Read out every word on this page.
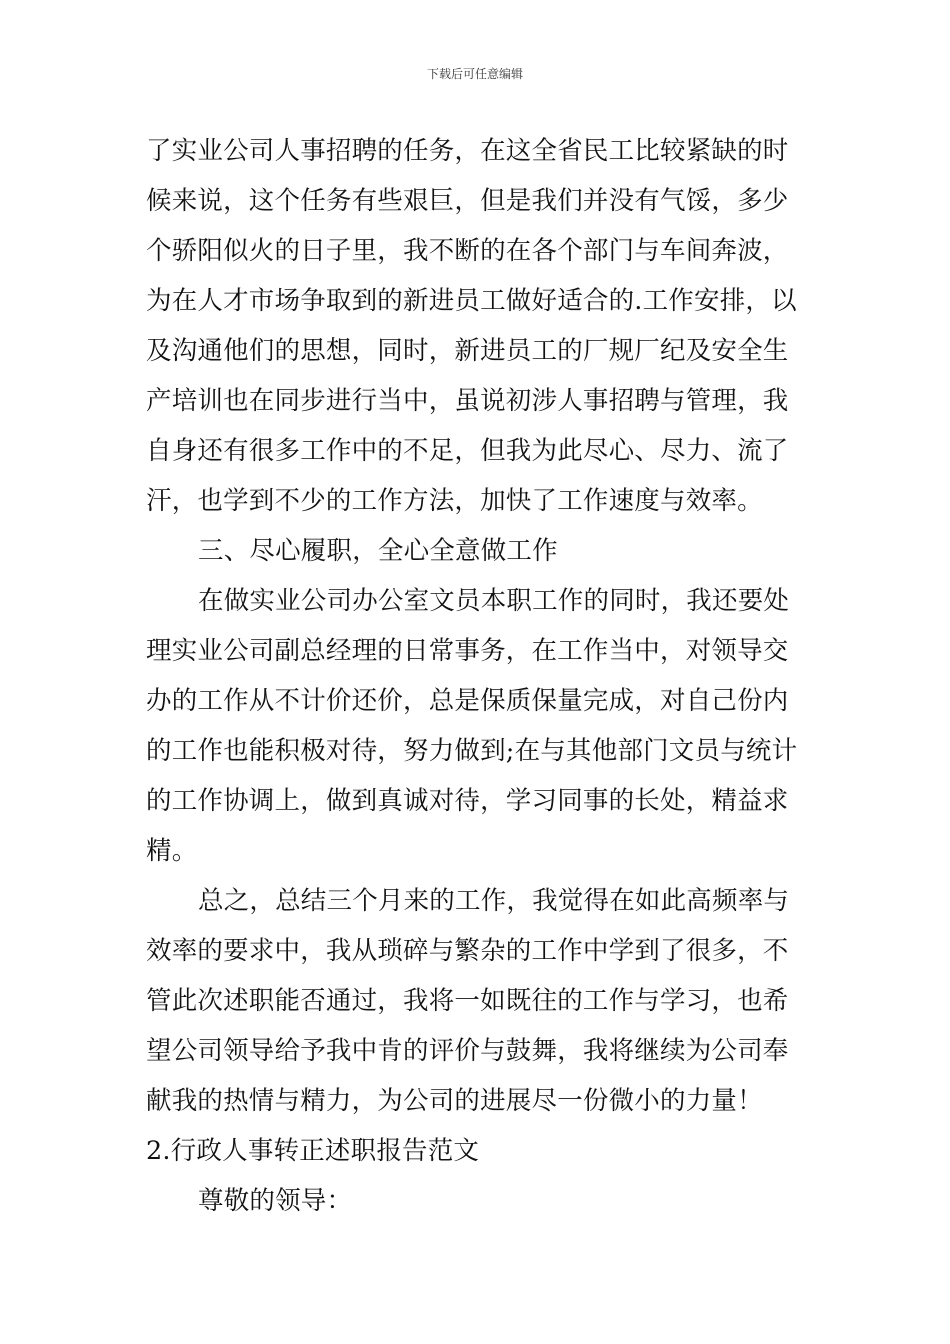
下载后可任意编辑
了实业公司人事招聘的任务，在这全省民工比较紧缺的时
候来说，这个任务有些艰巨，但是我们并没有气馁，多少
个骄阳似火的日子里，我不断的在各个部门与车间奔波，
为在人才市场争取到的新进员工做好适合的.工作安排，以
及沟通他们的思想，同时，新进员工的厂规厂纪及安全生
产培训也在同步进行当中，虽说初涉人事招聘与管理，我
自身还有很多工作中的不足，但我为此尽心、尽力、流了
汗，也学到不少的工作方法，加快了工作速度与效率。
三、尽心履职，全心全意做工作
在做实业公司办公室文员本职工作的同时，我还要处
理实业公司副总经理的日常事务，在工作当中，对领导交
办的工作从不计价还价，总是保质保量完成，对自己份内
的工作也能积极对待，努力做到;在与其他部门文员与统计
的工作协调上，做到真诚对待，学习同事的长处，精益求
精。
总之，总结三个月来的工作，我觉得在如此高频率与
效率的要求中，我从琐碎与繁杂的工作中学到了很多，不
管此次述职能否通过，我将一如既往的工作与学习，也希
望公司领导给予我中肯的评价与鼓舞，我将继续为公司奉
献我的热情与精力，为公司的进展尽一份微小的力量！
2.行政人事转正述职报告范文
尊敬的领导：
